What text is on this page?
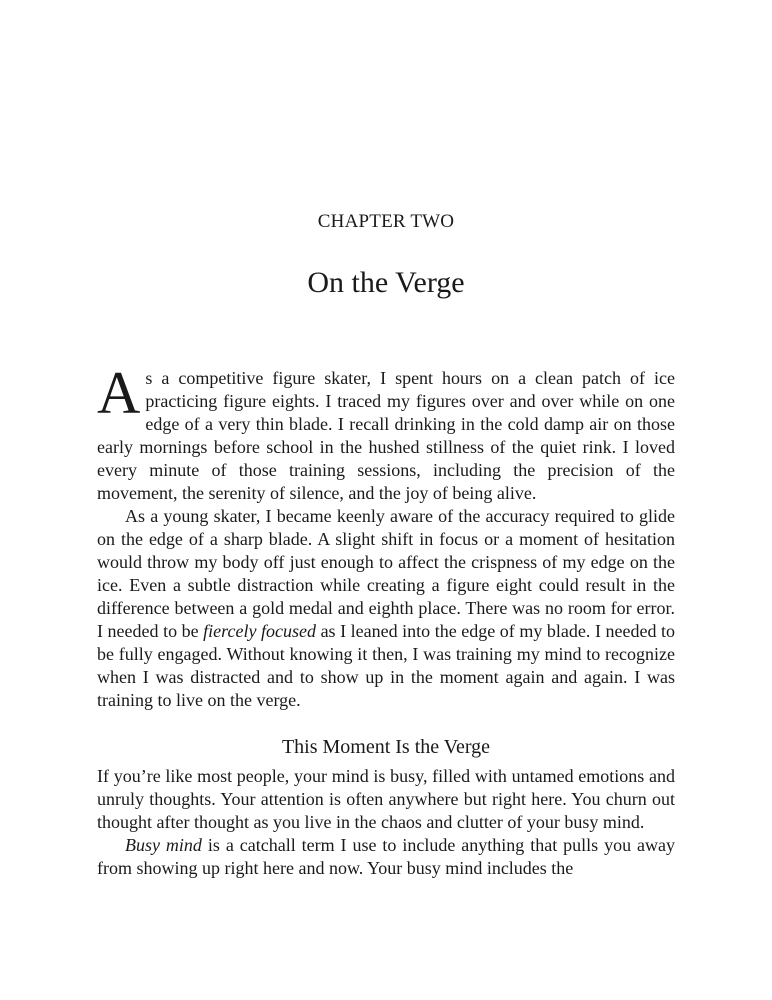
CHAPTER TWO
On the Verge

As a competitive figure skater, I spent hours on a clean patch of ice practicing figure eights. I traced my figures over and over while on one edge of a very thin blade. I recall drinking in the cold damp air on those early mornings before school in the hushed stillness of the quiet rink. I loved every minute of those training sessions, including the precision of the movement, the serenity of silence, and the joy of being alive.

As a young skater, I became keenly aware of the accuracy required to glide on the edge of a sharp blade. A slight shift in focus or a moment of hesitation would throw my body off just enough to affect the crispness of my edge on the ice. Even a subtle distraction while creating a figure eight could result in the difference between a gold medal and eighth place. There was no room for error. I needed to be fiercely focused as I leaned into the edge of my blade. I needed to be fully engaged. Without knowing it then, I was training my mind to recognize when I was distracted and to show up in the moment again and again. I was training to live on the verge.

This Moment Is the Verge

If you’re like most people, your mind is busy, filled with untamed emotions and unruly thoughts. Your attention is often anywhere but right here. You churn out thought after thought as you live in the chaos and clutter of your busy mind.

Busy mind is a catchall term I use to include anything that pulls you away from showing up right here and now. Your busy mind includes the
